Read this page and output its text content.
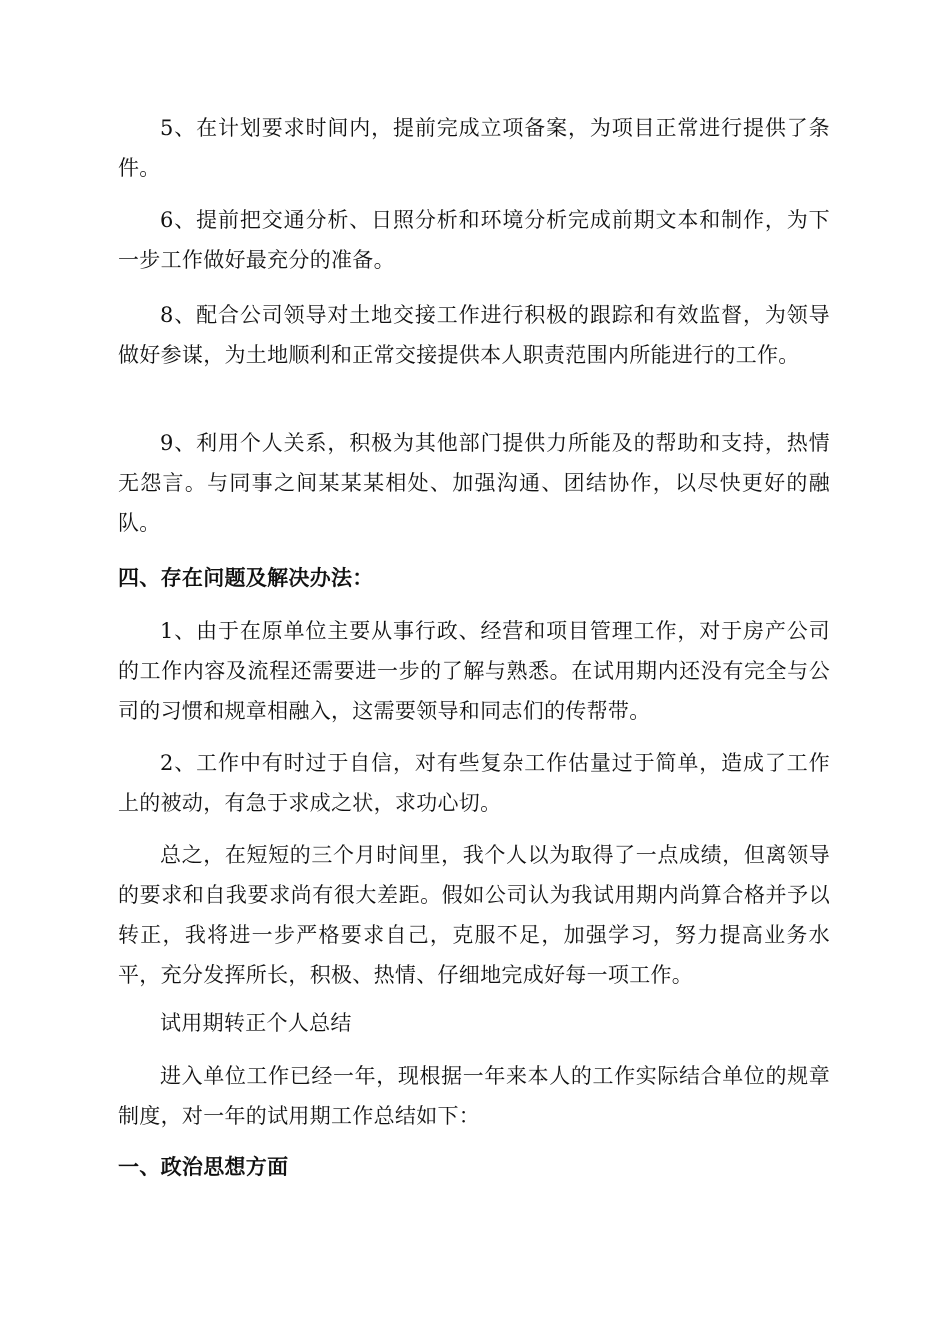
5、在计划要求时间内，提前完成立项备案，为项目正常进行提供了条件。

6、提前把交通分析、日照分析和环境分析完成前期文本和制作，为下一步工作做好最充分的准备。

8、配合公司领导对土地交接工作进行积极的跟踪和有效监督，为领导做好参谋，为土地顺利和正常交接提供本人职责范围内所能进行的工作。

9、利用个人关系，积极为其他部门提供力所能及的帮助和支持，热情无怨言。与同事之间某某某相处、加强沟通、团结协作，以尽快更好的融队。

四、存在问题及解决办法：

1、由于在原单位主要从事行政、经营和项目管理工作，对于房产公司的工作内容及流程还需要进一步的了解与熟悉。在试用期内还没有完全与公司的习惯和规章相融入，这需要领导和同志们的传帮带。

2、工作中有时过于自信，对有些复杂工作估量过于简单，造成了工作上的被动，有急于求成之状，求功心切。

总之，在短短的三个月时间里，我个人以为取得了一点成绩，但离领导的要求和自我要求尚有很大差距。假如公司认为我试用期内尚算合格并予以转正，我将进一步严格要求自己，克服不足，加强学习，努力提高业务水平，充分发挥所长，积极、热情、仔细地完成好每一项工作。

试用期转正个人总结

进入单位工作已经一年，现根据一年来本人的工作实际结合单位的规章制度，对一年的试用期工作总结如下：

一、政治思想方面
